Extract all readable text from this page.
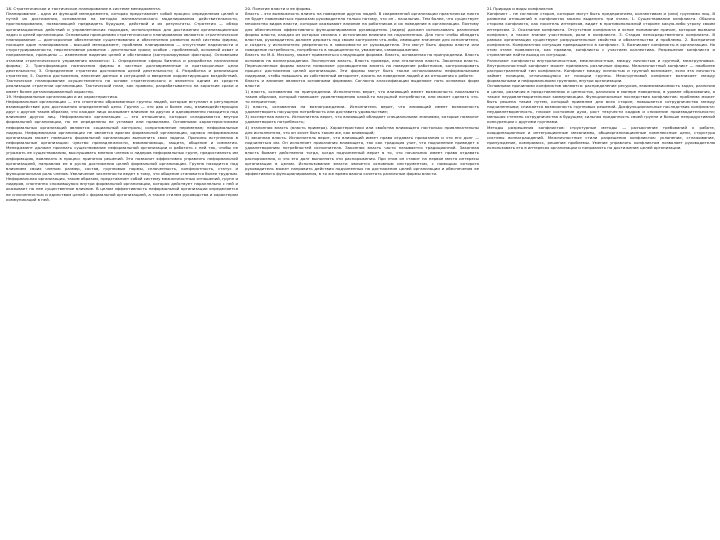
18. Стратегическое и тактическое планирование в системе менеджмента.

Планирование - одна из функций менеджмента, которая представляет собой процесс определения целей и путей их достижения, основанная на методах математического моделирования действительности, прогнозирования, позволяющей предвидеть будущее, действий и их результаты. Стратегия — обзор организационных действий и управленческих подходов, используемых для достижения организационных задач и целей организации. Основными принципами стратегического планирования являются: стратегическое планирование — долгосрочное обеспечение существования и обеспечения развития всей системы фирмы, носящее один планирования - высший менеджмент, проблема планирования — отсутствие надежности и структурированности, перспективное развитие - длительные сроки; особое - проблемный, основной охват и направления, принципы — изменение видения целей и обстановки (контролируемые факторы). Основными этапами стратегического управления являются: 1. Определение сферы бизнеса и разработка назначения фирмы; 2. Трансформация назначения фирмы в частные долговременные и краткосрочные цели деятельности; 3. Определение стратегии достижения целей деятельности; 4. Разработка и реализация стратегии; 5. Оценка достижения, внесение данных в ситуацией и введение корректирующих воздействий. Тактическое планирование осуществляется на основе стратегического и является одним из средств реализации стратегии организации. Тактический план, как правило, разрабатывается на короткие сроки и имеет более детализированный характер.

19. Неформальные организации и их характеристика.

Неформальные организации — это спонтанно образованные группы людей, которые вступают в регулярное взаимодействие для достижения определенной цели. Группа — это два и более лиц, взаимодействующих друг с другом таким образом, что каждое лицо оказывает влияние на других и одновременно находится под влиянием других лиц. Неформальная организация — это отношения, которые складываются внутри формальной организации, но не определены ее уставом или правилами. Основными характеристиками неформальных организаций являются: социальный контроль; сопротивление переменам; неформальные лидеры. Неформальная организация не является врагом формальной организации, однако неформальная организация может помешать формальной организации выполнить свои задачи. Причины вступления в неформальные организации: чувство принадлежности, взаимопомощь, защита, общение и симпатия. Менеджмент должен признать существование неформальной организации и работать с ней так, чтобы не угрожать ее существованию, выслушивать мнения членов и лидеров неформальных групп, предоставлять им информацию, вовлекать в процесс принятия решений. Это позволит эффективно управлять неформальной организацией, направляя ее в русло достижения целей формальной организации. Группа находится под влиянием своих членов: размер, состав, групповые нормы, сплоченность, конфликтность, статус и функциональная роль членов. Увеличение численности ведет к тому, что общение становится более трудным. Неформальная организация, таким образом, представляет собой систему межличностных отношений, групп и лидеров, спонтанно сложившуюся внутри формальной организации, которая действует параллельно с ней и оказывает на нее существенное влияние. В целом эффективность неформальной организации определяется ее сплоченностью и единством целей с формальной организацией, а также стилем руководства и характером коммуникаций в ней.

20. Понятие власти и ее формы.

Власть – это возможность влиять на поведение других людей. В современной организации практически никто не будет повиноваться приказам руководителя только потому, что он - начальник. Тем более, что существует множество видов власти, которые оказывают влияние на работников и их поведение в организации. Поэтому для обеспечения эффективного функционирования руководитель (лидер) должен использовать различные формы власти, каждая из которых связана с источником влияния на подчиненных. Для того чтобы обладать властью, руководитель должен держать под своим контролем что-либо, имеющее значение для исполнителя, и создать у исполнителя уверенность в зависимости от руководителя. Это могут быть формы власти или поведение потребность, потребность в защищенности, уважении, самовыражении.

Власть по М.Х. Мескону, может применяться следующим формам. Власть, основанная на принуждении. Власть основана на вознаграждении. Экспертная власть. Власть примера, или эталонная власть. Законная власть. Перечисленные формы власти позволяют руководителю влиять на поведение работников, контролировать процесс достижения целей организации. Эти формы могут быть также использованы неформальными лидерами, чтобы повышать их собственный авторитет, влиять на поведение людей и их отношения к работе.

Власть и влияние являются основными формами. Согласно классификации выделяют пять основных форм власти:

1) власть, основанная на принуждении. Исполнитель верит, что влияющий имеет возможность наказывать таким образом, который помешает удовлетворению какой-то насущной потребности, или может сделать что-то неприятное;

2) власть, основанная на вознаграждении. Исполнитель верит, что влияющий имеет возможность удовлетворить насущную потребность или доставить удовольствие;

3) экспертная власть. Исполнитель верит, что влияющий обладает специальными знаниями, которые позволят удовлетворить потребность;

4) эталонная власть (власть примера). Характеристики или свойства влияющего настолько привлекательны для исполнителя, что он хочет быть таким же, как влияющий;

5) законная власть. Исполнитель верит, что влияющий имеет право отдавать приказания и что его долг — подчиняться им. Он исполняет приказания влияющего, так как традиция учит, что подчинение приведет к удовлетворению потребностей исполнителя. Законная власть часто называется традиционной. Законная власть бывает действенна тогда, когда подчиненный верит в то, что начальник имеет право отдавать распоряжения, и что его долг выполнять эти распоряжения. При этом он ставит на первое место интересы организации в целом. Использование власти является основным инструментом, с помощью которого руководитель может направить действия подчиненных на достижение целей организации и обеспечения ее эффективного функционирования, в то же время важно сочетать различные формы власти.

21 Природа и виды конфликтов

Конфликт – не согласие сторон, которые могут быть предприятием, коллективом и (или) группами лиц. В развитии отношений в конфликтах можно выделить три этапа. 1. Существование конфликта. Обычно сторона конфликта, как носитель интересов, видит в противоположной стороне какую-либо угрозу своим интересам. 2. Осознание конфликта. Отсутствие конфликта и ясное понимание причин, которые вызвали конфликт, а также знание участников, роли в конфликте. 3. Стадия непосредственного конфликта. В рамках организации существуют разрушительные свойства и обязательства и проблемы. 2. Восприятие конфликта. Конфликтная ситуация превращается в конфликт. 3. Возникают конфликты в организации. На этом этапе появляются, как правило, конфликты с участием коллектива. Разрешение конфликта и стремление найти выход из ситуации.

Различают конфликты внутриличностные, межличностные, между личностью и группой, межгрупповые. Внутриличностный конфликт может принимать различные формы. Межличностный конфликт — наиболее распространенный тип конфликта. Конфликт между личностью и группой возникает, если эта личность займет позицию, отличающуюся от позиции группы. Межгрупповой конфликт возникает между формальными и неформальными группами, внутри организации.

Основными причинами конфликтов являются: распределение ресурсов, взаимозависимость задач, различия в целях, различия в представлениях и ценностях, различия в манере поведения, в уровне образования, а также неудовлетворительные коммуникации. Функциональные последствия конфликтов: проблема может быть решена таким путем, который приемлем для всех сторон; повышается сотрудничество между подчиненными; снижается возможность групповых решений. Дисфункциональные последствия конфликта: неудовлетворенность, плохое состояние духа, рост текучести кадров и снижение производительности; меньшая степень сотрудничества в будущем; сильная преданность своей группе и больше непродуктивной конкуренции с другими группами.

Методы разрешения конфликтов: структурные методы — разъяснение требований к работе, координационные и интеграционные механизмы, общеорганизационные комплексные цели, структура системы вознаграждений. Межличностные стили разрешения конфликтов: уклонение, сглаживание, принуждение, компромисс, решение проблемы. Умение управлять конфликтом позволяет руководителю использовать его в интересах организации и направлять на достижение целей организации.
